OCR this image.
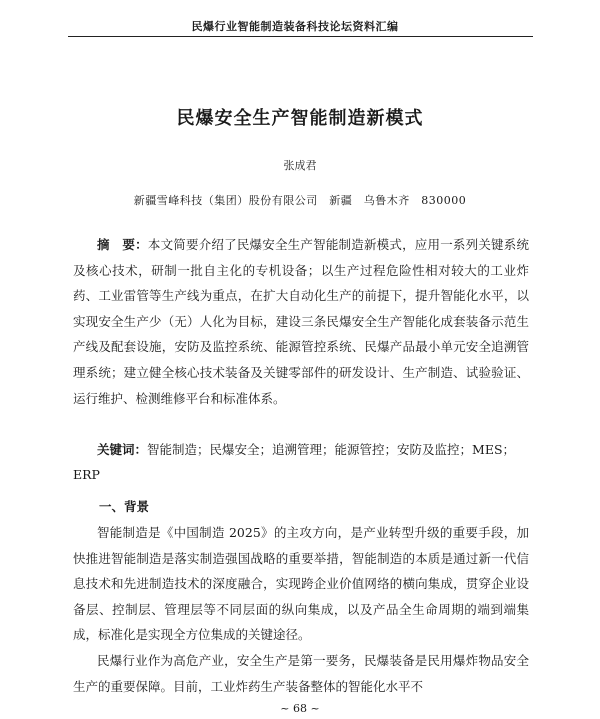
民爆行业智能制造装备科技论坛资料汇编
民爆安全生产智能制造新模式
张成君
新疆雪峰科技（集团）股份有限公司　新疆　乌鲁木齐　830000
摘　要：本文简要介绍了民爆安全生产智能制造新模式，应用一系列关键系统及核心技术，研制一批自主化的专机设备；以生产过程危险性相对较大的工业炸药、工业雷管等生产线为重点，在扩大自动化生产的前提下，提升智能化水平，以实现安全生产少（无）人化为目标，建设三条民爆安全生产智能化成套装备示范生产线及配套设施，安防及监控系统、能源管控系统、民爆产品最小单元安全追溯管理系统；建立健全核心技术装备及关键零部件的研发设计、生产制造、试验验证、运行维护、检测维修平台和标准体系。
关键词：智能制造；民爆安全；追溯管理；能源管控；安防及监控；MES；ERP
一、背景

智能制造是《中国制造 2025》的主攻方向，是产业转型升级的重要手段，加快推进智能制造是落实制造强国战略的重要举措，智能制造的本质是通过新一代信息技术和先进制造技术的深度融合，实现跨企业价值网络的横向集成，贯穿企业设备层、控制层、管理层等不同层面的纵向集成，以及产品全生命周期的端到端集成，标准化是实现全方位集成的关键途径。

民爆行业作为高危产业，安全生产是第一要务，民爆装备是民用爆炸物品安全生产的重要保障。目前，工业炸药生产装备整体的智能化水平不

~ 68 ~
